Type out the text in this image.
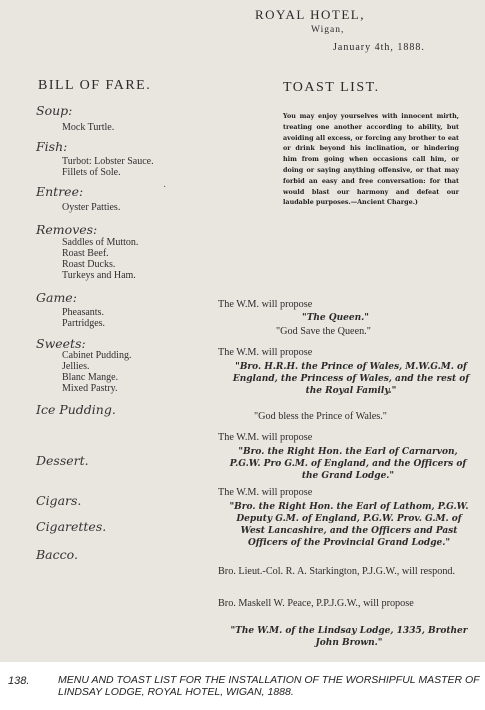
ROYAL HOTEL,
Wigan,
January 4th, 1888.
BILL OF FARE.
Soup:
Mock Turtle.
Fish:
Turbot: Lobster Sauce.
Fillets of Sole.
Entree:
Oyster Patties.
·
Removes:
Saddles of Mutton.
Roast Beef.
Roast Ducks.
Turkeys and Ham.
Game:
Pheasants.
Partridges.
Sweets:
Cabinet Pudding.
Jellies.
Blanc Mange.
Mixed Pastry.
Ice Pudding.
Dessert.
Cigars.
Cigarettes.
Bacco.
TOAST LIST.
You may enjoy yourselves with innocent mirth, treating one another according to ability, but avoiding all excess, or forcing any brother to eat or drink beyond his inclination, or hindering him from going when occasions call him, or doing or saying anything offensive, or that may forbid an easy and free conversation: for that would blast our harmony and defeat our laudable purposes.—Ancient Charge.)
The W.M. will propose
"The Queen."
"God Save the Queen."
The W.M. will propose
"Bro. H.R.H. the Prince of Wales, M.W.G.M. of England, the Princess of Wales, and the rest of the Royal Family."
"God bless the Prince of Wales."
The W.M. will propose
"Bro. the Right Hon. the Earl of Carnarvon, P.G.W. Pro G.M. of England, and the Officers of the Grand Lodge."
The W.M. will propose
"Bro. the Right Hon. the Earl of Lathom, P.G.W. Deputy G.M. of England, P.G.W. Prov. G.M. of West Lancashire, and the Officers and Past Officers of the Provincial Grand Lodge."
Bro. Lieut.-Col. R. A. Starkington, P.J.G.W., will respond.
Bro. Maskell W. Peace, P.P.J.G.W., will propose
"The W.M. of the Lindsay Lodge, 1335, Brother John Brown."
138.	MENU AND TOAST LIST FOR THE INSTALLATION OF THE WORSHIPFUL MASTER OF LINDSAY LODGE, ROYAL HOTEL, WIGAN, 1888.
